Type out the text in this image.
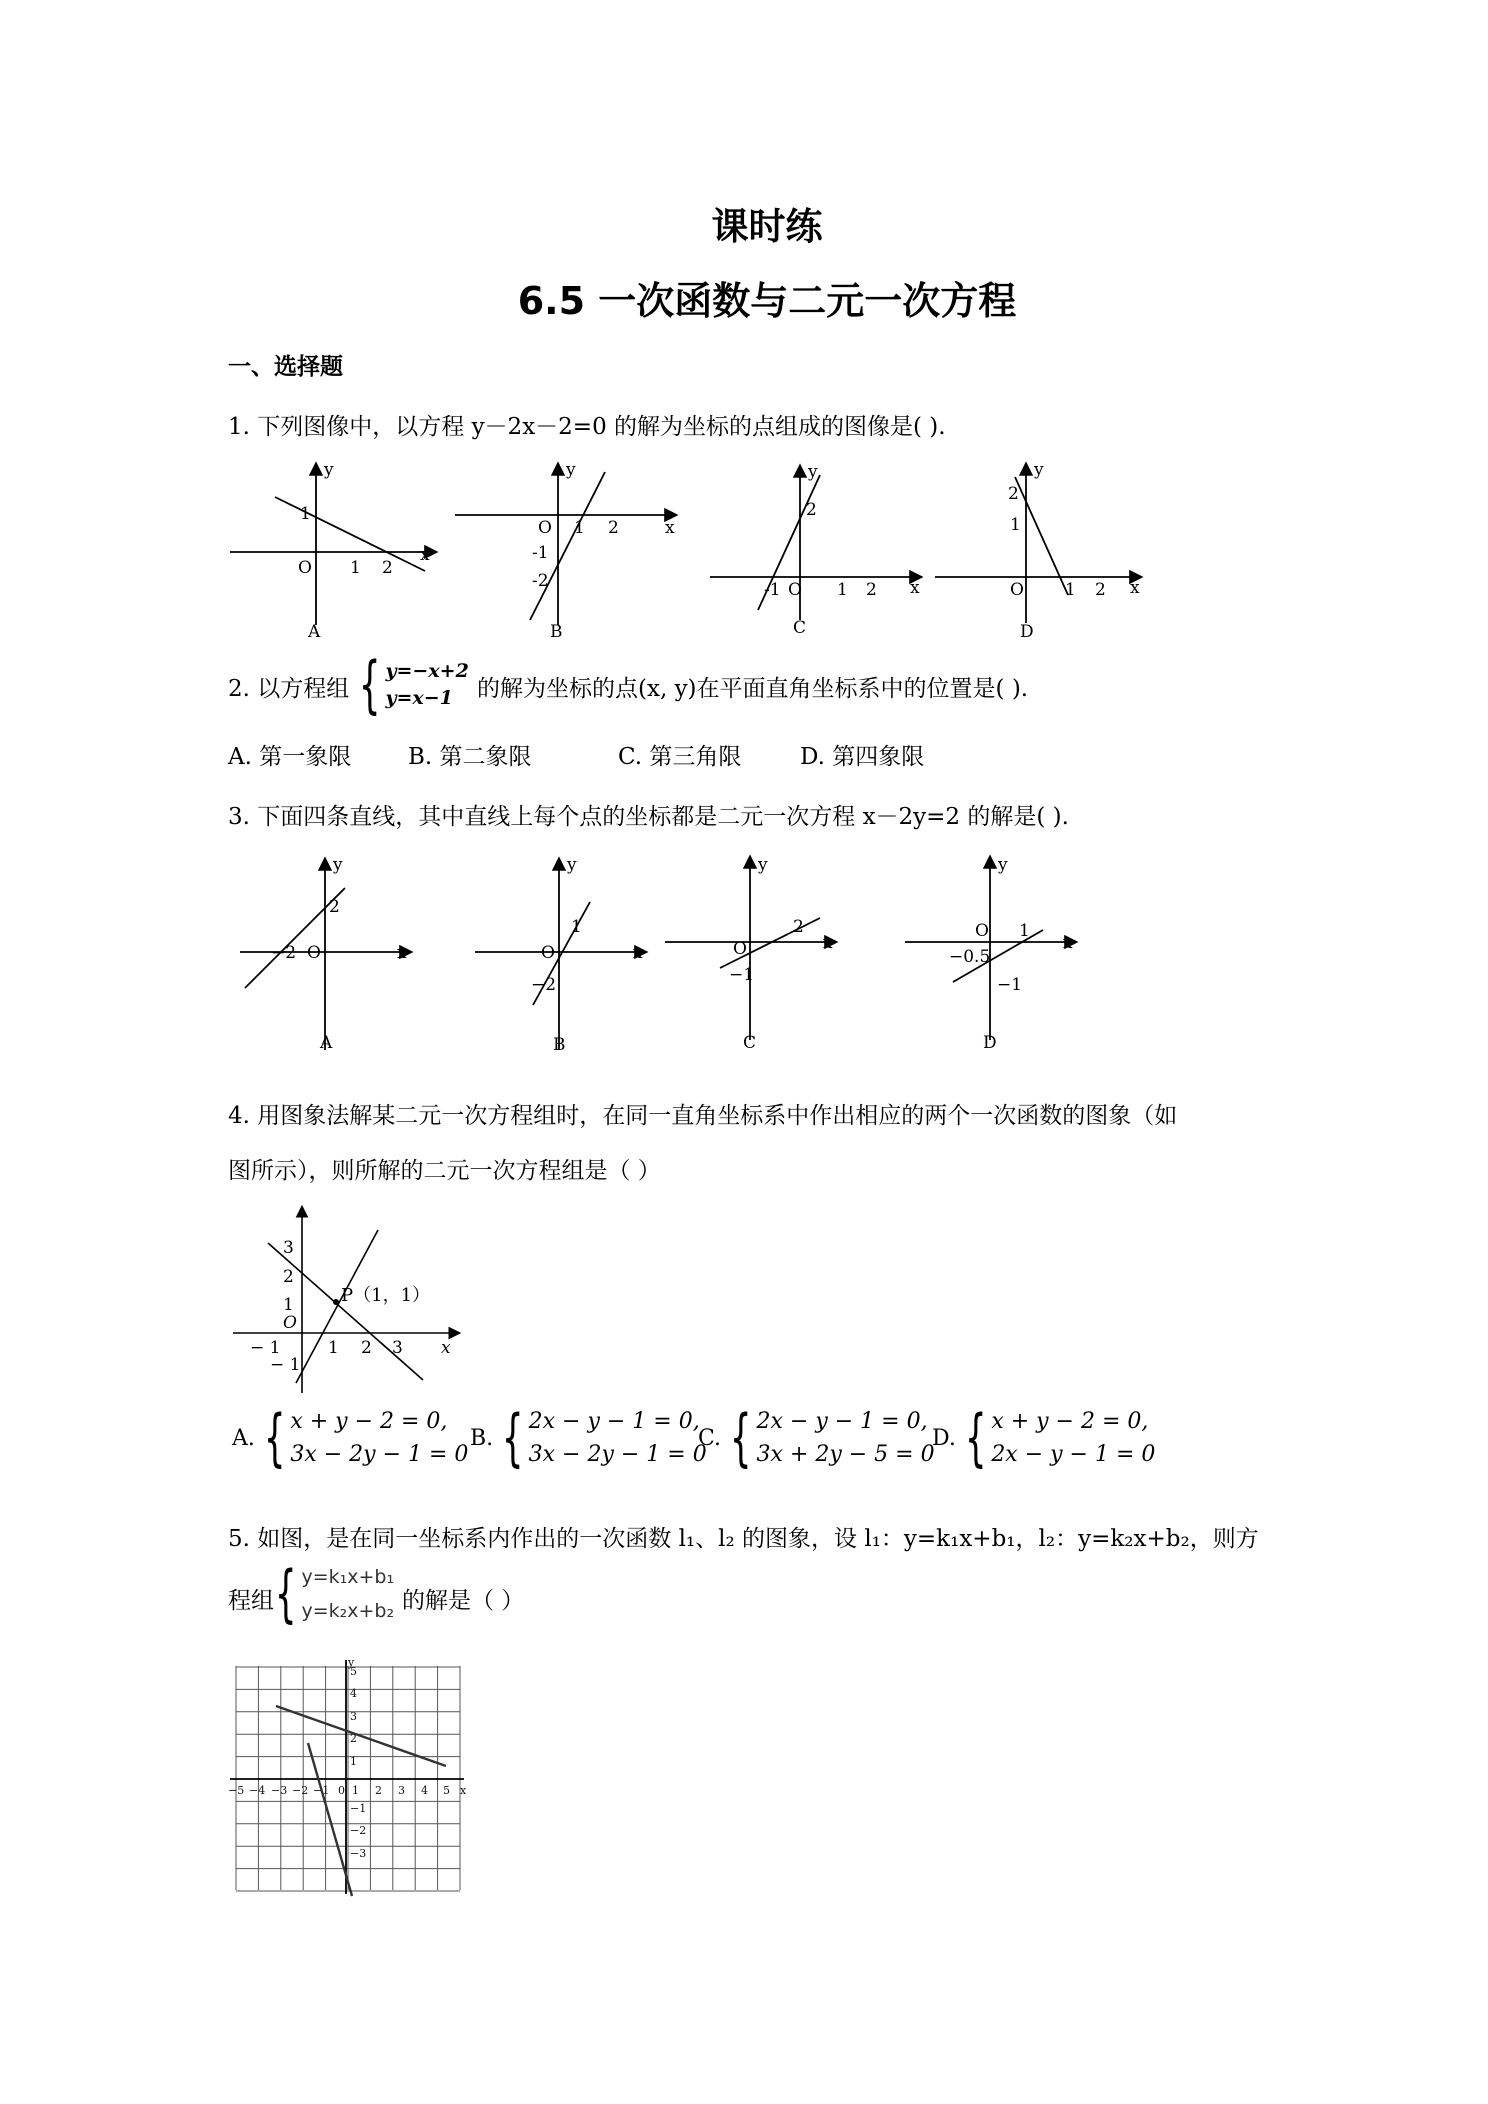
课时练
6.5 一次函数与二元一次方程
一、选择题
1. 下列图像中，以方程 y－2x－2=0 的解为坐标的点组成的图像是( ).
y
x
O
1
1 2
A
y
x
O	2
1
-1
-2
B
y
x
O
2
-1	1 2
C
y
x
O
2
1
1 2
D
2. 以方程组 { y=−x+2
y=x−1	的解为坐标的点(x, y)在平面直角坐标系中的位置是( ).
A. 第一象限 B. 第二象限	C. 第三角限	D. 第四象限
3. 下面四条直线，其中直线上每个点的坐标都是二元一次方程 x－2y=2 的解是( ).
y
x
O
2
−2
A
y
x
O
1
−2
B
y
x
O
2
−1
C
y
x
O 1
−0.5
−1
D
4. 用图象法解某二元一次方程组时，在同一直角坐标系中作出相应的两个一次函数的图象（如
图所示），则所解的二元一次方程组是（ ）
3
2
1
O
− 1	1 2 3 x
− 1
P（1，1）
A. { x + y − 2 = 0,
3x − 2y − 1 = 0
B. { 2x − y − 1 = 0,
3x − 2y − 1 = 0
C. { 2x − y − 1 = 0,
3x + 2y − 5 = 0
D. { x + y − 2 = 0,
2x − y − 1 = 0
5. 如图，是在同一坐标系内作出的一次函数 l₁、l₂ 的图象，设 l₁：y=k₁x+b₁，l₂：y=k₂x+b₂，则方
程组 { y=k₁x+b₁
y=k₂x+b₂ 的解是（ ）
−5 −4 −3 −2 −1 0 1 2 3 4 5 x
5
4
3
2
1
−1
−2
−3
y
